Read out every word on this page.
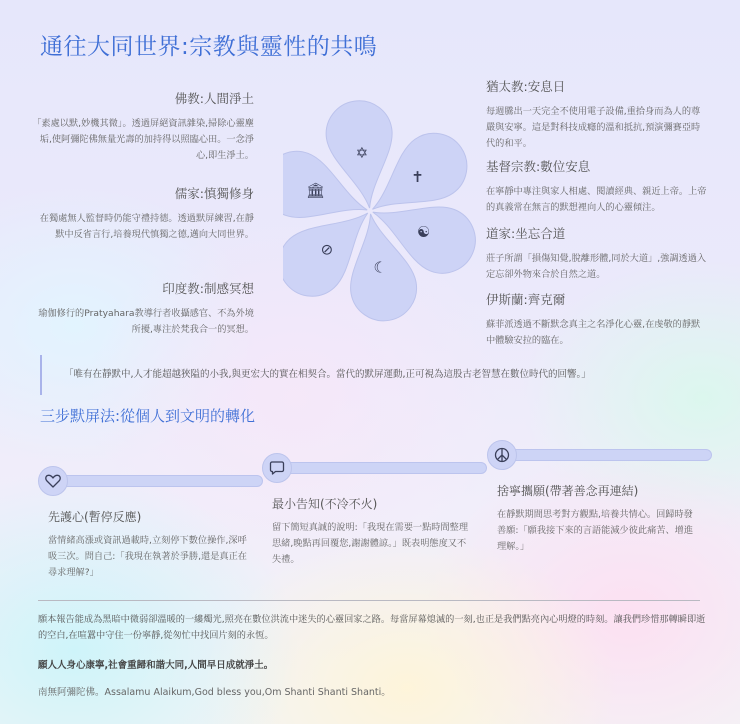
通往大同世界:宗教與靈性的共鳴
佛教:人間淨土
「素處以默,妙機其微」。透過屏絕資訊雜染,掃除心靈塵垢,使阿彌陀佛無量光壽的加持得以照臨心田。一念淨心,即生淨土。
儒家:慎獨修身
在獨處無人監督時仍能守禮持德。透過默屏練習,在靜默中反省言行,培養現代慎獨之德,邁向大同世界。
印度教:制感冥想
瑜伽修行的Pratyahara教導行者收攝感官、不為外境所擾,專注於梵我合一的冥想。
✡
✝
☯
☾
⊘
🏛
猶太教:安息日
每週騰出一天完全不使用電子設備,重拾身而為人的尊嚴與安寧。這是對科技成癮的溫和抵抗,預演彌賽亞時代的和平。
基督宗教:數位安息
在寧靜中專注與家人相處、閱讀經典、親近上帝。上帝的真義常在無言的默想裡向人的心靈傾注。
道家:坐忘合道
莊子所謂「損傷知覺,脫離形體,同於大道」,強調透過入定忘卻外物來合於自然之道。
伊斯蘭:齊克爾
蘇菲派透過不斷默念真主之名淨化心靈,在虔敬的靜默中體驗安拉的臨在。
「唯有在靜默中,人才能超越狹隘的小我,與更宏大的實在相契合。當代的默屏運動,正可視為這股古老智慧在數位時代的回響。」
三步默屏法:從個人到文明的轉化
先護心(暫停反應)
當情緒高漲或資訊過載時,立刻停下數位操作,深呼吸三次。問自己:「我現在執著於爭勝,還是真正在尋求理解?」
最小告知(不冷不火)
留下簡短真誠的說明:「我現在需要一點時間整理思緒,晚點再回覆您,謝謝體諒。」既表明態度又不失禮。
捨寧攜願(帶著善念再連結)
在靜默期間思考對方觀點,培養共情心。回歸時發善願:「願我接下來的言語能減少彼此痛苦、增進理解。」
願本報告能成為黑暗中微弱卻溫暖的一縷燭光,照亮在數位洪流中迷失的心靈回家之路。每當屏幕熄滅的一刻,也正是我們點亮內心明燈的時刻。讓我們珍惜那轉瞬即逝的空白,在喧囂中守住一份寧靜,從匆忙中找回片刻的永恆。
願人人身心康寧,社會重歸和諧大同,人間早日成就淨土。
南無阿彌陀佛。Assalamu Alaikum,God bless you,Om Shanti Shanti Shanti。
